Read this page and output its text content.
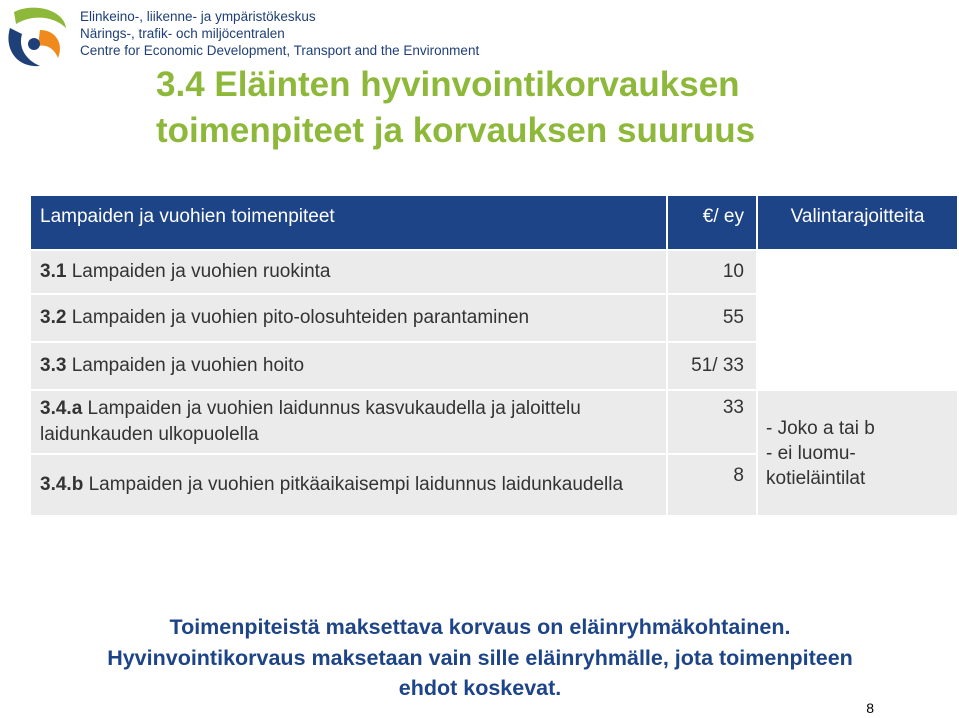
Elinkeino-, liikenne- ja ympäristökeskus
Närings-, trafik- och miljöcentralen
Centre for Economic Development, Transport and the Environment
3.4 Eläinten hyvinvointikorvauksen
toimenpiteet ja korvauksen suuruus
Lampaiden ja vuohien toimenpiteet	€/ ey	Valintarajoitteita
3.1 Lampaiden ja vuohien ruokinta	10	
3.2 Lampaiden ja vuohien pito-olosuhteiden parantaminen	55	
3.3 Lampaiden ja vuohien hoito	51/ 33	
3.4.a Lampaiden ja vuohien laidunnus kasvukaudella ja jaloittelu laidunkauden ulkopuolella	33	- Joko a tai b
- ei luomu-
kotieläintilat

3.4.b Lampaiden ja vuohien pitkäaikaisempi laidunnus laidunkaudella	8	
Toimenpiteistä maksettava korvaus on eläinryhmäkohtainen.
Hyvinvointikorvaus maksetaan vain sille eläinryhmälle, jota toimenpiteen
ehdot koskevat.
8
